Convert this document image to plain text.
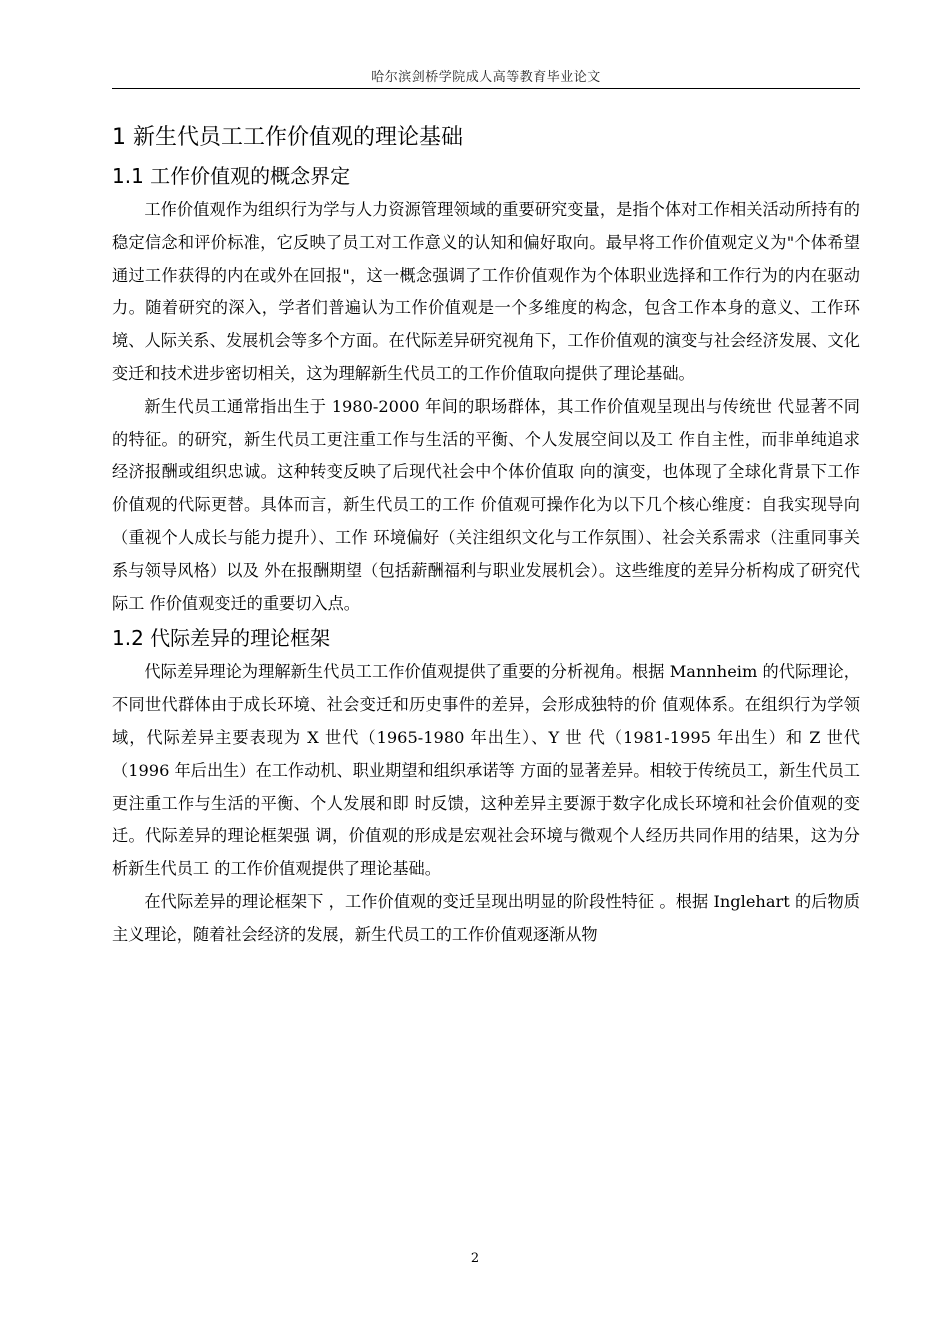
哈尔滨剑桥学院成人高等教育毕业论文
1 新生代员工工作价值观的理论基础
1.1 工作价值观的概念界定

工作价值观作为组织行为学与人力资源管理领域的重要研究变量，是指个体对工作相关活动所持有的稳定信念和评价标准，它反映了员工对工作意义的认知和偏好取向。最早将工作价值观定义为"个体希望通过工作获得的内在或外在回报"，这一概念强调了工作价值观作为个体职业选择和工作行为的内在驱动力。随着研究的深入，学者们普遍认为工作价值观是一个多维度的构念，包含工作本身的意义、工作环境、人际关系、发展机会等多个方面。在代际差异研究视角下，工作价值观的演变与社会经济发展、文化变迁和技术进步密切相关，这为理解新生代员工的工作价值取向提供了理论基础。

新生代员工通常指出生于 1980-2000 年间的职场群体，其工作价值观呈现出与传统世 代显著不同的特征。的研究，新生代员工更注重工作与生活的平衡、个人发展空间以及工 作自主性，而非单纯追求经济报酬或组织忠诚。这种转变反映了后现代社会中个体价值取 向的演变，也体现了全球化背景下工作价值观的代际更替。具体而言，新生代员工的工作 价值观可操作化为以下几个核心维度：自我实现导向（重视个人成长与能力提升）、工作 环境偏好（关注组织文化与工作氛围）、社会关系需求（注重同事关系与领导风格）以及 外在报酬期望（包括薪酬福利与职业发展机会）。这些维度的差异分析构成了研究代际工 作价值观变迁的重要切入点。

1.2 代际差异的理论框架

代际差异理论为理解新生代员工工作价值观提供了重要的分析视角。根据 Mannheim 的代际理论，不同世代群体由于成长环境、社会变迁和历史事件的差异，会形成独特的价 值观体系。在组织行为学领域，代际差异主要表现为 X 世代（1965-1980 年出生）、Y 世 代（1981-1995 年出生）和 Z 世代（1996 年后出生）在工作动机、职业期望和组织承诺等 方面的显著差异。相较于传统员工，新生代员工更注重工作与生活的平衡、个人发展和即 时反馈，这种差异主要源于数字化成长环境和社会价值观的变迁。代际差异的理论框架强 调，价值观的形成是宏观社会环境与微观个人经历共同作用的结果，这为分析新生代员工 的工作价值观提供了理论基础。

在代际差异的理论框架下 ，工作价值观的变迁呈现出明显的阶段性特征 。根据 Inglehart 的后物质主义理论，随着社会经济的发展，新生代员工的工作价值观逐渐从物

2
